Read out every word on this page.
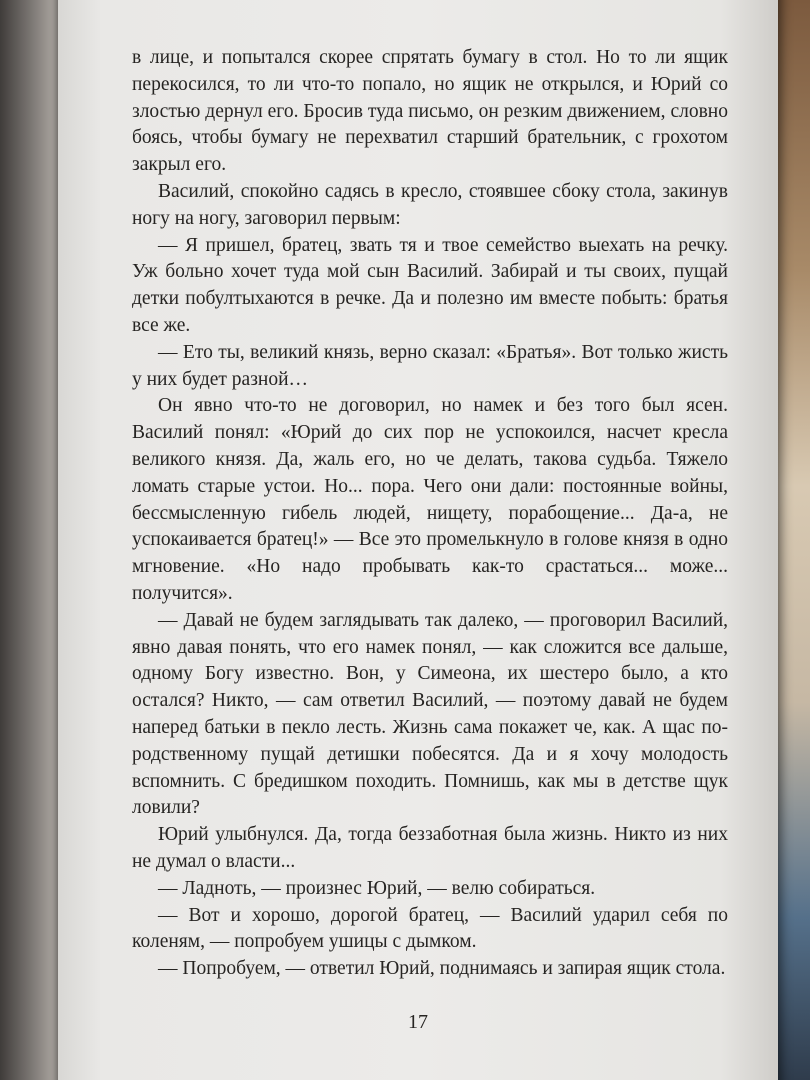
в лице, и попытался скорее спрятать бумагу в стол. Но то ли ящик перекосился, то ли что-то попало, но ящик не открылся, и Юрий со злостью дернул его. Бросив туда письмо, он резким движением, словно боясь, чтобы бумагу не перехватил старший брательник, с грохотом закрыл его.

Василий, спокойно садясь в кресло, стоявшее сбоку стола, закинув ногу на ногу, заговорил первым:

— Я пришел, братец, звать тя и твое семейство выехать на речку. Уж больно хочет туда мой сын Василий. Забирай и ты своих, пущай детки побултыхаются в речке. Да и полезно им вместе побыть: братья все же.

— Ето ты, великий князь, верно сказал: «Братья». Вот только жисть у них будет разной…

Он явно что-то не договорил, но намек и без того был ясен. Василий понял: «Юрий до сих пор не успокоился, насчет кресла великого князя. Да, жаль его, но че делать, такова судьба. Тяжело ломать старые устои. Но... пора. Чего они дали: постоянные войны, бессмысленную гибель людей, нищету, порабощение... Да-а, не успокаивается братец!» — Все это промелькнуло в голове князя в одно мгновение. «Но надо пробывать как-то срастаться... може... получится».

— Давай не будем заглядывать так далеко, — проговорил Василий, явно давая понять, что его намек понял, — как сложится все дальше, одному Богу известно. Вон, у Симеона, их шестеро было, а кто остался? Никто, — сам ответил Василий, — поэтому давай не будем наперед батьки в пекло лесть. Жизнь сама покажет че, как. А щас по-родственному пущай детишки побесятся. Да и я хочу молодость вспомнить. С бредишком походить. Помнишь, как мы в детстве щук ловили?

Юрий улыбнулся. Да, тогда беззаботная была жизнь. Никто из них не думал о власти...

— Ладноть, — произнес Юрий, — велю собираться.

— Вот и хорошо, дорогой братец, — Василий ударил себя по коленям, — попробуем ушицы с дымком.

— Попробуем, — ответил Юрий, поднимаясь и запирая ящик стола.

17
